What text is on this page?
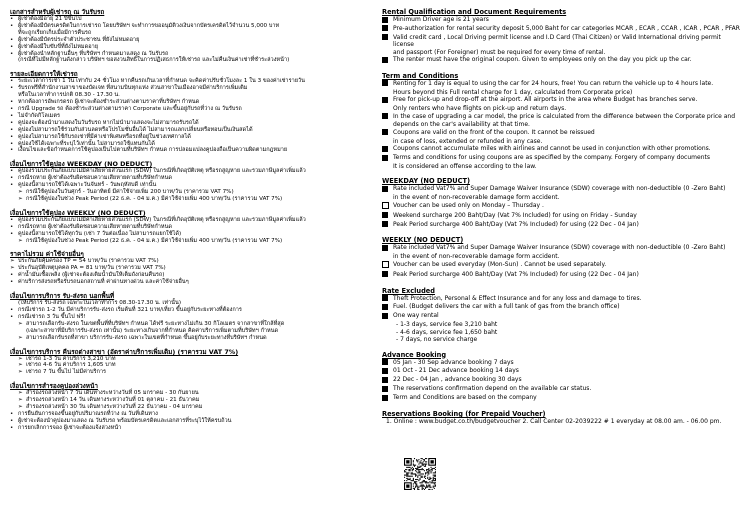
เอกสารสำหรับผู้เช่ารถ ณ วันรับรถ
• ผู้เช่าต้องมีอายุ 21 ปีขึ้นไป
• ผู้เช่าต้องมีบัตรเครดิตในการเช่ารถ โดยบริษัทฯ จะทำการขออนุมัติวงเงินจากบัตรเครดิตไว้จำนวน 5,000 บาท
ที่จะถูกเรียกเก็บเมื่อมีการคืนรถ
• ผู้เช่าต้องมีบัตรประจำตัวประชาชน ที่ยังไม่หมดอายุ
• ผู้เช่าต้องมีใบขับขี่ที่ยังไม่หมดอายุ
• ผู้เช่าต้องนำหลักฐานอื่นๆ ที่บริษัทฯ กำหนดมาแสดง ณ วันรับรถ
(กรณีที่ไม่มีหลักฐานดังกล่าว บริษัทฯ ขอสงวนสิทธิ์ในการปฏิเสธการให้เช่ารถ และไม่คืนเงินค่าเช่าที่ชำระล่วงหน้า)
รายละเอียดการให้เช่ารถ
• ระยะเวลาการเช่า 1 วัน เท่ากับ 24 ชั่วโมง หากคืนรถเกินเวลาที่กำหนด จะคิดค่าปรับชั่วโมงละ 1 ใน 3 ของค่าเช่ารายวัน
• รับรถฟรีที่สำนักงานสาขาของบัดเจท ที่สนามบินทุกแห่ง ส่วนสาขาในเมืองอาจมีค่าบริการเพิ่มเติม
หรือในเวลาทำการปกติ 08.30 - 17.30 น.
• หากต้องการอัพเกรดรถ ผู้เช่าจะต้องชำระส่วนต่างตามราคาที่บริษัทฯ กำหนด
• กรณี Upgrade รถ ต้องชำระส่วนต่างตามราคา Corporate และขึ้นอยู่กับรถที่ว่าง ณ วันรับรถ
• ไม่จำกัดกิโลเมตร
• คูปองจะต้องนำมาแสดงในวันรับรถ หากไม่นำมาแสดงจะไม่สามารถรับรถได้
• คูปองไม่สามารถใช้ร่วมกับส่วนลดหรือโปรโมชั่นอื่นได้ ไม่สามารถแลกเปลี่ยนหรือทอนเป็นเงินสดได้
• คูปองไม่สามารถใช้กับรถเช่าที่มีค่าเช่าพิเศษหรือรถที่อยู่ในช่วงเทศกาลได้
• คูปองใช้ได้เฉพาะที่ระบุไว้เท่านั้น ไม่สามารถใช้แทนกันได้
• เงื่อนไขและข้อกำหนดการใช้คูปองเป็นไปตามที่บริษัทฯ กำหนด การปลอมแปลงคูปองถือเป็นความผิดตามกฎหมาย
เงื่อนไขการใช้คูปอง WEEKDAY (NO DEDUCT)
• คูปองรวมประกันภัยแบบไม่มีค่าเสียหายส่วนแรก (SDW) ในกรณีที่เกิดอุบัติเหตุ หรือรถสูญหาย และรวมภาษีมูลค่าเพิ่มแล้ว
• กรณีรถหาย ผู้เช่าต้องรับผิดชอบความเสียหายตามที่บริษัทกำหนด
• คูปองนี้สามารถใช้ได้เฉพาะวันจันทร์ - วันพฤหัสบดี เท่านั้น
➢ กรณีใช้คูปองในวันศุกร์ - วันอาทิตย์ มีค่าใช้จ่ายเพิ่ม 200 บาท/วัน (ราคารวม VAT 7%)
➢ กรณีใช้คูปองในช่วง Peak Period (22 ธ.ค. - 04 ม.ค.) มีค่าใช้จ่ายเพิ่ม 400 บาท/วัน (ราคารวม VAT 7%)
เงื่อนไขการใช้คูปอง WEEKLY (NO DEDUCT)
• คูปองรวมประกันภัยแบบไม่มีค่าเสียหายส่วนแรก (SDW) ในกรณีที่เกิดอุบัติเหตุ หรือรถสูญหาย และรวมภาษีมูลค่าเพิ่มแล้ว
• กรณีรถหาย ผู้เช่าต้องรับผิดชอบความเสียหายตามที่บริษัทกำหนด
• คูปองนี้สามารถใช้ได้ทุกวัน (เช่า 7 วันต่อเนื่อง ไม่สามารถแยกใช้ได้)
➢ กรณีใช้คูปองในช่วง Peak Period (22 ธ.ค. - 04 ม.ค.) มีค่าใช้จ่ายเพิ่ม 400 บาท/วัน (ราคารวม VAT 7%)
ราคาไม่รวม ค่าใช้จ่ายอื่นๆ
➢ ประกันภัยคุ้มครอง TP = 54 บาท/วัน (ราคารวม VAT 7%)
➢ ประกันอุบัติเหตุบุคคล PA = 81 บาท/วัน (ราคารวม VAT 7%)
• ค่าน้ำมันเชื้อเพลิง (ผู้เช่าจะต้องเติมน้ำมันให้เต็มถังก่อนคืนรถ)
• ค่าบริการส่งรถหรือรับรถนอกสถานที่ ค่าผ่านทางด่วน และค่าใช้จ่ายอื่นๆ
เงื่อนไขการบริการ รับ-ส่งรถ นอกพื้นที่
(ให้บริการ รับ-ส่งรถ เฉพาะในเวลาทำการ 08.30-17.30 น. เท่านั้น)
• กรณีเช่ารถ 1-2 วัน มีค่าบริการรับ-ส่งรถ เริ่มต้นที่ 321 บาท/เที่ยว ขึ้นอยู่กับระยะทางที่ต้องการ
• กรณีเช่ารถ 3 วัน ขึ้นไป ฟรี!
➢ สามารถเลือกรับ-ส่งรถ ในเขตพื้นที่ที่บริษัทฯ กำหนด ได้ฟรี ระยะทางไม่เกิน 30 กิโลเมตร จากสาขาที่ใกล้ที่สุด
(เฉพาะสาขาที่มีบริการรับ-ส่งรถ เท่านั้น) ระยะทางเกินจากที่กำหนด คิดค่าบริการเพิ่มตามที่บริษัทฯ กำหนด
➢ สามารถเลือกรับรถที่สาขา บริการรับ-ส่งรถ เฉพาะในเขตที่กำหนด ขึ้นอยู่กับระยะทางที่บริษัทฯ กำหนด
เงื่อนไขการบริการ คืนรถต่างสาขา (อัตราค่าบริการเพิ่มเติม) (ราคารวม VAT 7%)
➢ เช่ารถ 1-3 วัน ค่าบริการ 3,210 บาท
➢ เช่ารถ 4-6 วัน ค่าบริการ 1,605 บาท
➢ เช่ารถ 7 วัน ขึ้นไป ไม่มีค่าบริการ
เงื่อนไขการสำรองคูปองล่วงหน้า
➢ สำรองรถล่วงหน้า 7 วัน เดินทางระหว่างวันที่ 05 มกราคม - 30 กันยายน
➢ สำรองรถล่วงหน้า 14 วัน เดินทางระหว่างวันที่ 01 ตุลาคม - 21 ธันวาคม
➢ สำรองรถล่วงหน้า 30 วัน เดินทางระหว่างวันที่ 22 ธันวาคม - 04 มกราคม
• การยืนยันการจองขึ้นอยู่กับปริมาณรถที่ว่าง ณ วันที่เดินทาง
• ผู้เช่าจะต้องนำคูปองมาแสดง ณ วันรับรถ พร้อมบัตรเครดิตและเอกสารที่ระบุไว้ให้ครบถ้วน
• การยกเลิกการจอง ผู้เช่าจะต้องแจ้งล่วงหน้า
Rental Qualification and Document Requirements
Minimum Driver age is 21 years
Pre-authorization for rental security deposit 5,000 Baht for car categories MCAR , ECAR , CCAR , ICAR , PCAR , PFAR
Valid credit card , Local Driving permit license and I.D Card (Thai Citizen) or Valid International driving permit license
and passport (For Foreigner) must be required for every time of rental.
The renter must have the original coupon. Given to employees only on the day you pick up the car.
Term and Conditions
Renting for 1 day is equal to using the car for 24 hours, free! You can return the vehicle up to 4 hours late.
Hours beyond this Full rental charge for 1 day, calculated from Corporate price)
Free for pick-up and drop-off at the airport. All airports in the area where Budget has branches serve.
Only renters who have flights on pick-up and return days.
In the case of upgrading a car model, the price is calculated from the difference between the Corporate price and
depends on the car's availability at that time.
Coupons are valid on the front of the coupon. It cannot be reissued
in case of loss, extended or refunded in any case.
Coupons cannot accumulate miles with airlines and cannot be used in conjunction with other promotions.
Terms and conditions for using coupons are as specified by the company. Forgery of company documents
It is considered an offense according to the law.
WEEKDAY (NO DEDUCT)
Rate included Vat7% and Super Damage Waiver Insurance (SDW) coverage with non-deductible (0 -Zero Baht)
in the event of non-recoverable damage form accident.
Voucher can be used only on Monday – Thursday .
Weekend surcharge 200 Baht/Day (Vat 7% Included) for using on Friday - Sunday
Peak Period surcharge 400 Baht/Day (Vat 7% Included) for using (22 Dec - 04 Jan)
WEEKLY (NO DEDUCT)
Rate included Vat7% and Super Damage Waiver Insurance (SDW) coverage with non-deductible (0 -Zero Baht)
in the event of non-recoverable damage form accident.
Voucher can be used everyday (Mon-Sun) . Cannot be used separately.
Peak Period surcharge 400 Baht/Day (Vat 7% Included) for using (22 Dec - 04 Jan)
Rate Excluded
Theft Protection, Personal & Effect Insurance and for any loss and damage to tires.
Fuel. (Budget delivers the car with a full tank of gas from the branch office)
One way rental
- 1-3 days, service fee 3,210 baht
- 4-6 days, service fee 1,650 baht
- 7 days, no service charge
Advance Booking
05 Jan - 30 Sep advance booking 7 days
01 Oct - 21 Dec advance booking 14 days
22 Dec - 04 Jan , advance booking 30 days
The reservations confirmation depend on the available car status.
Term and Conditions are based on the company
Reservations Booking (for Prepaid Voucher)
1. Online : www.budget.co.th/budgetvoucher 2. Call Center 02-2039222 # 1 everyday at 08.00 am. - 06.00 pm.
